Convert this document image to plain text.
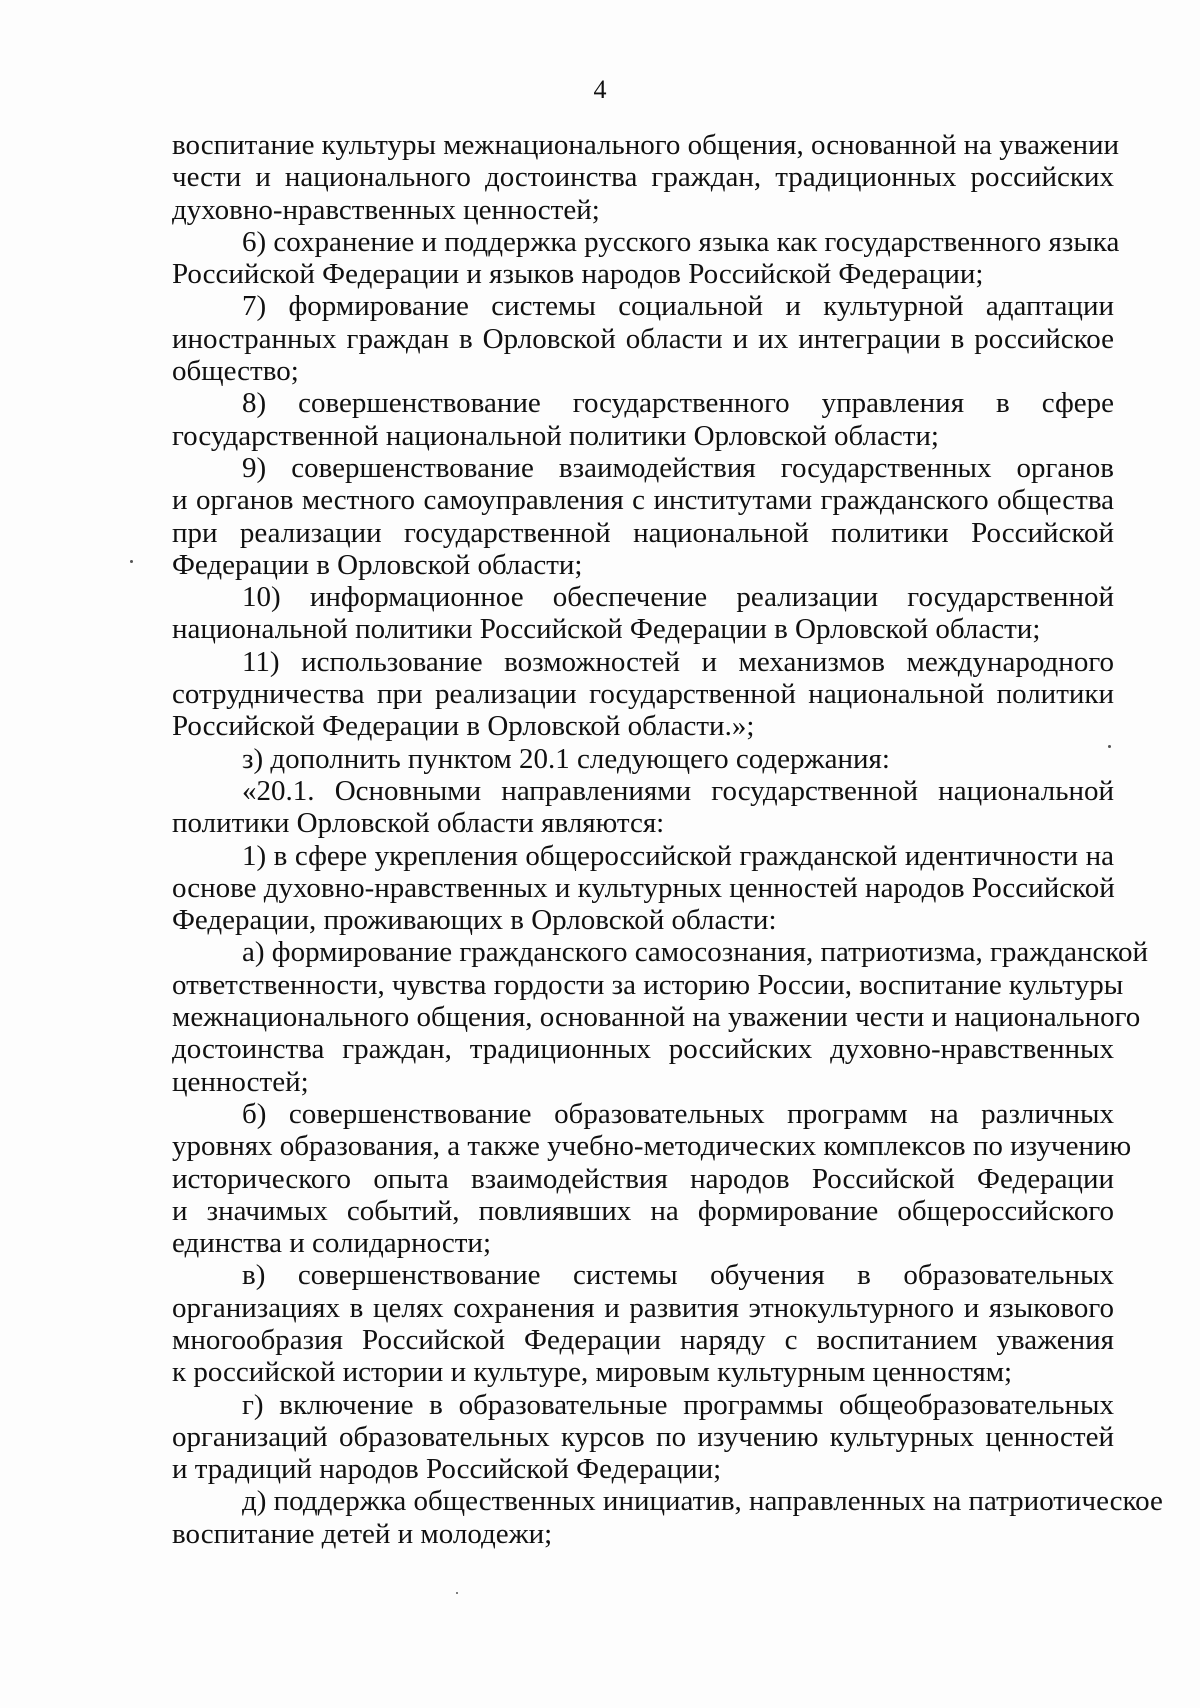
4
воспитание культуры межнационального общения, основанной на уважении
чести и национального достоинства граждан, традиционных российских
духовно-нравственных ценностей;
6) сохранение и поддержка русского языка как государственного языка
Российской Федерации и языков народов Российской Федерации;
7) формирование системы социальной и культурной адаптации
иностранных граждан в Орловской области и их интеграции в российское
общество;
8) совершенствование государственного управления в сфере
государственной национальной политики Орловской области;
9) совершенствование взаимодействия государственных органов
и органов местного самоуправления с институтами гражданского общества
при реализации государственной национальной политики Российской
Федерации в Орловской области;
10) информационное обеспечение реализации государственной
национальной политики Российской Федерации в Орловской области;
11) использование возможностей и механизмов международного
сотрудничества при реализации государственной национальной политики
Российской Федерации в Орловской области.»;
з) дополнить пунктом 20.1 следующего содержания:
«20.1. Основными направлениями государственной национальной
политики Орловской области являются:
1) в сфере укрепления общероссийской гражданской идентичности на
основе духовно-нравственных и культурных ценностей народов Российской
Федерации, проживающих в Орловской области:
а) формирование гражданского самосознания, патриотизма, гражданской
ответственности, чувства гордости за историю России, воспитание культуры
межнационального общения, основанной на уважении чести и национального
достоинства граждан, традиционных российских духовно-нравственных
ценностей;
б) совершенствование образовательных программ на различных
уровнях образования, а также учебно-методических комплексов по изучению
исторического опыта взаимодействия народов Российской Федерации
и значимых событий, повлиявших на формирование общероссийского
единства и солидарности;
в) совершенствование системы обучения в образовательных
организациях в целях сохранения и развития этнокультурного и языкового
многообразия Российской Федерации наряду с воспитанием уважения
к российской истории и культуре, мировым культурным ценностям;
г) включение в образовательные программы общеобразовательных
организаций образовательных курсов по изучению культурных ценностей
и традиций народов Российской Федерации;
д) поддержка общественных инициатив, направленных на патриотическое
воспитание детей и молодежи;
